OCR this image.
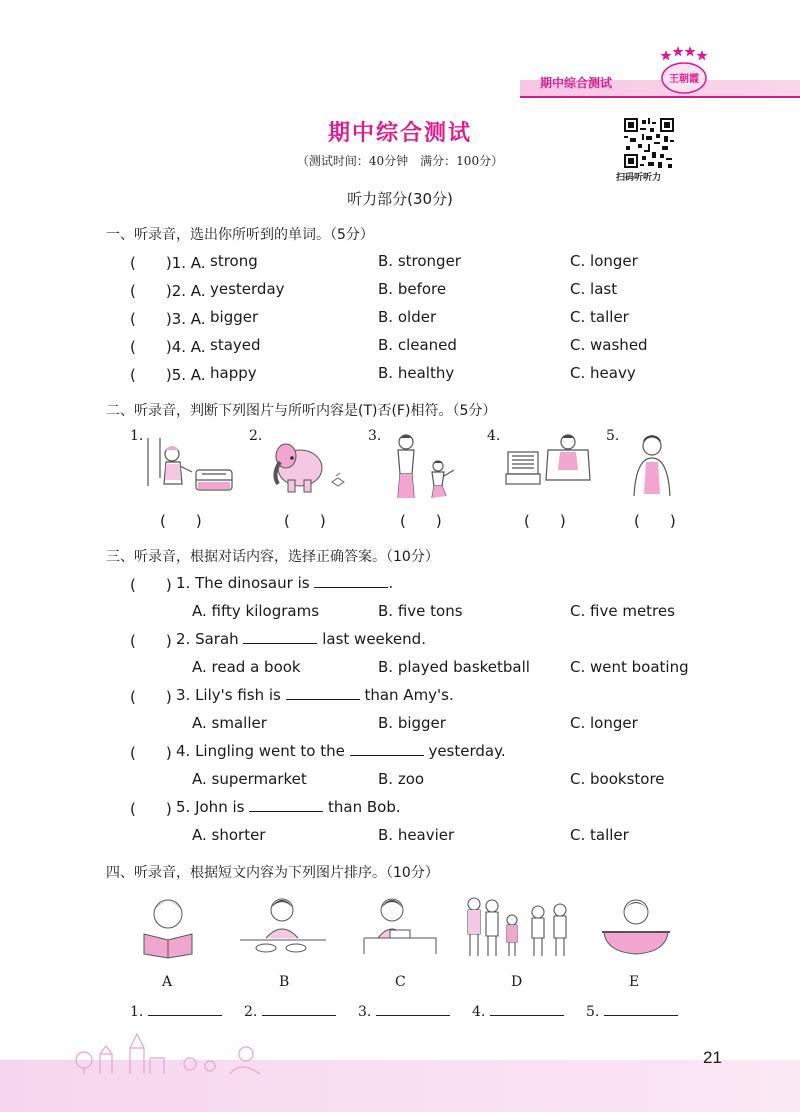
期中综合测试	王朝霞
期中综合测试
（测试时间：40分钟　满分：100分）
听力部分(30分)
扫码听听力
一、听录音，选出你所听到的单词。（5分）
(　　)1. A. strong	B. stronger	C. longer
(　　)2. A. yesterday	B. before	C. last
(　　)3. A. bigger	B. older	C. taller
(　　)4. A. stayed	B. cleaned	C. washed
(　　)5. A. happy	B. healthy	C. heavy
二、听录音，判断下列图片与所听内容是(T)否(F)相符。（5分）
1.	2.	3.	4.	5.
(　　)	(　　)	(　　)	(　　)	(　　)
三、听录音，根据对话内容，选择正确答案。（10分）
(　　) 1. The dinosaur is	.
A. fifty kilograms	B. five tons	C. five metres
(　　) 2. Sarah	last weekend.
A. read a book	B. played basketball	C. went boating
(　　) 3. Lily's fish is	than Amy's.
A. smaller	B. bigger	C. longer
(　　) 4. Lingling went to the	yesterday.
A. supermarket	B. zoo	C. bookstore
(　　) 5. John is	than Bob.
A. shorter	B. heavier	C. taller
四、听录音，根据短文内容为下列图片排序。（10分）
A	B	C	D	E
1.	2.	3.	4.	5.
21
